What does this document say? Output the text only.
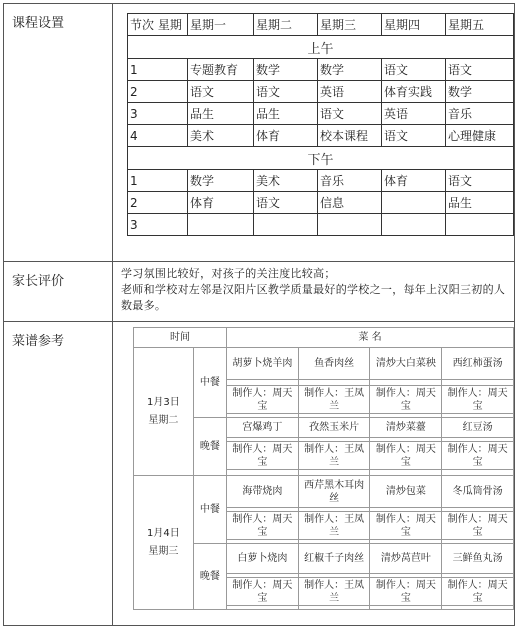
课程设置		节次 星期	星期一	星期二	星期三	星期四	星期五
上午
1	专题教育	数学	数学	语文	语文
2	语文	语文	英语	体育实践	数学
3	品生	品生	语文	英语	音乐
4	美术	体育	校本课程	语文	心理健康
下午
1	数学	美术	音乐	体育	语文
2	体育	语文	信息		品生
3					

家长评价	
学习氛围比较好，对孩子的关注度比较高；
老师和学校对左邻是汉阳片区教学质量最好的学校之一，每年上汉阳三初的人数最多。

菜谱参考		时间	菜 名

1月3日
星期二
	中餐	胡萝卜烧羊肉	鱼香肉丝	清炒大白菜秧	西红柿蛋汤

制作人：周天宝	制作人：王凤兰	制作人：周天宝	制作人：周天宝

晚餐	宫爆鸡丁	孜然玉米片	清炒菜薹	红豆汤

制作人：周天宝	制作人：王凤兰	制作人：周天宝	制作人：周天宝

1月4日
星期三
	中餐	海带烧肉	西芹黑木耳肉丝	清炒包菜	冬瓜筒骨汤

制作人：周天宝	制作人：王凤兰	制作人：周天宝	制作人：周天宝

晚餐	白萝卜烧肉	红椒千子肉丝	清炒莴苣叶	三鲜鱼丸汤

制作人：周天宝	制作人：王凤兰	制作人：周天宝	制作人：周天宝
